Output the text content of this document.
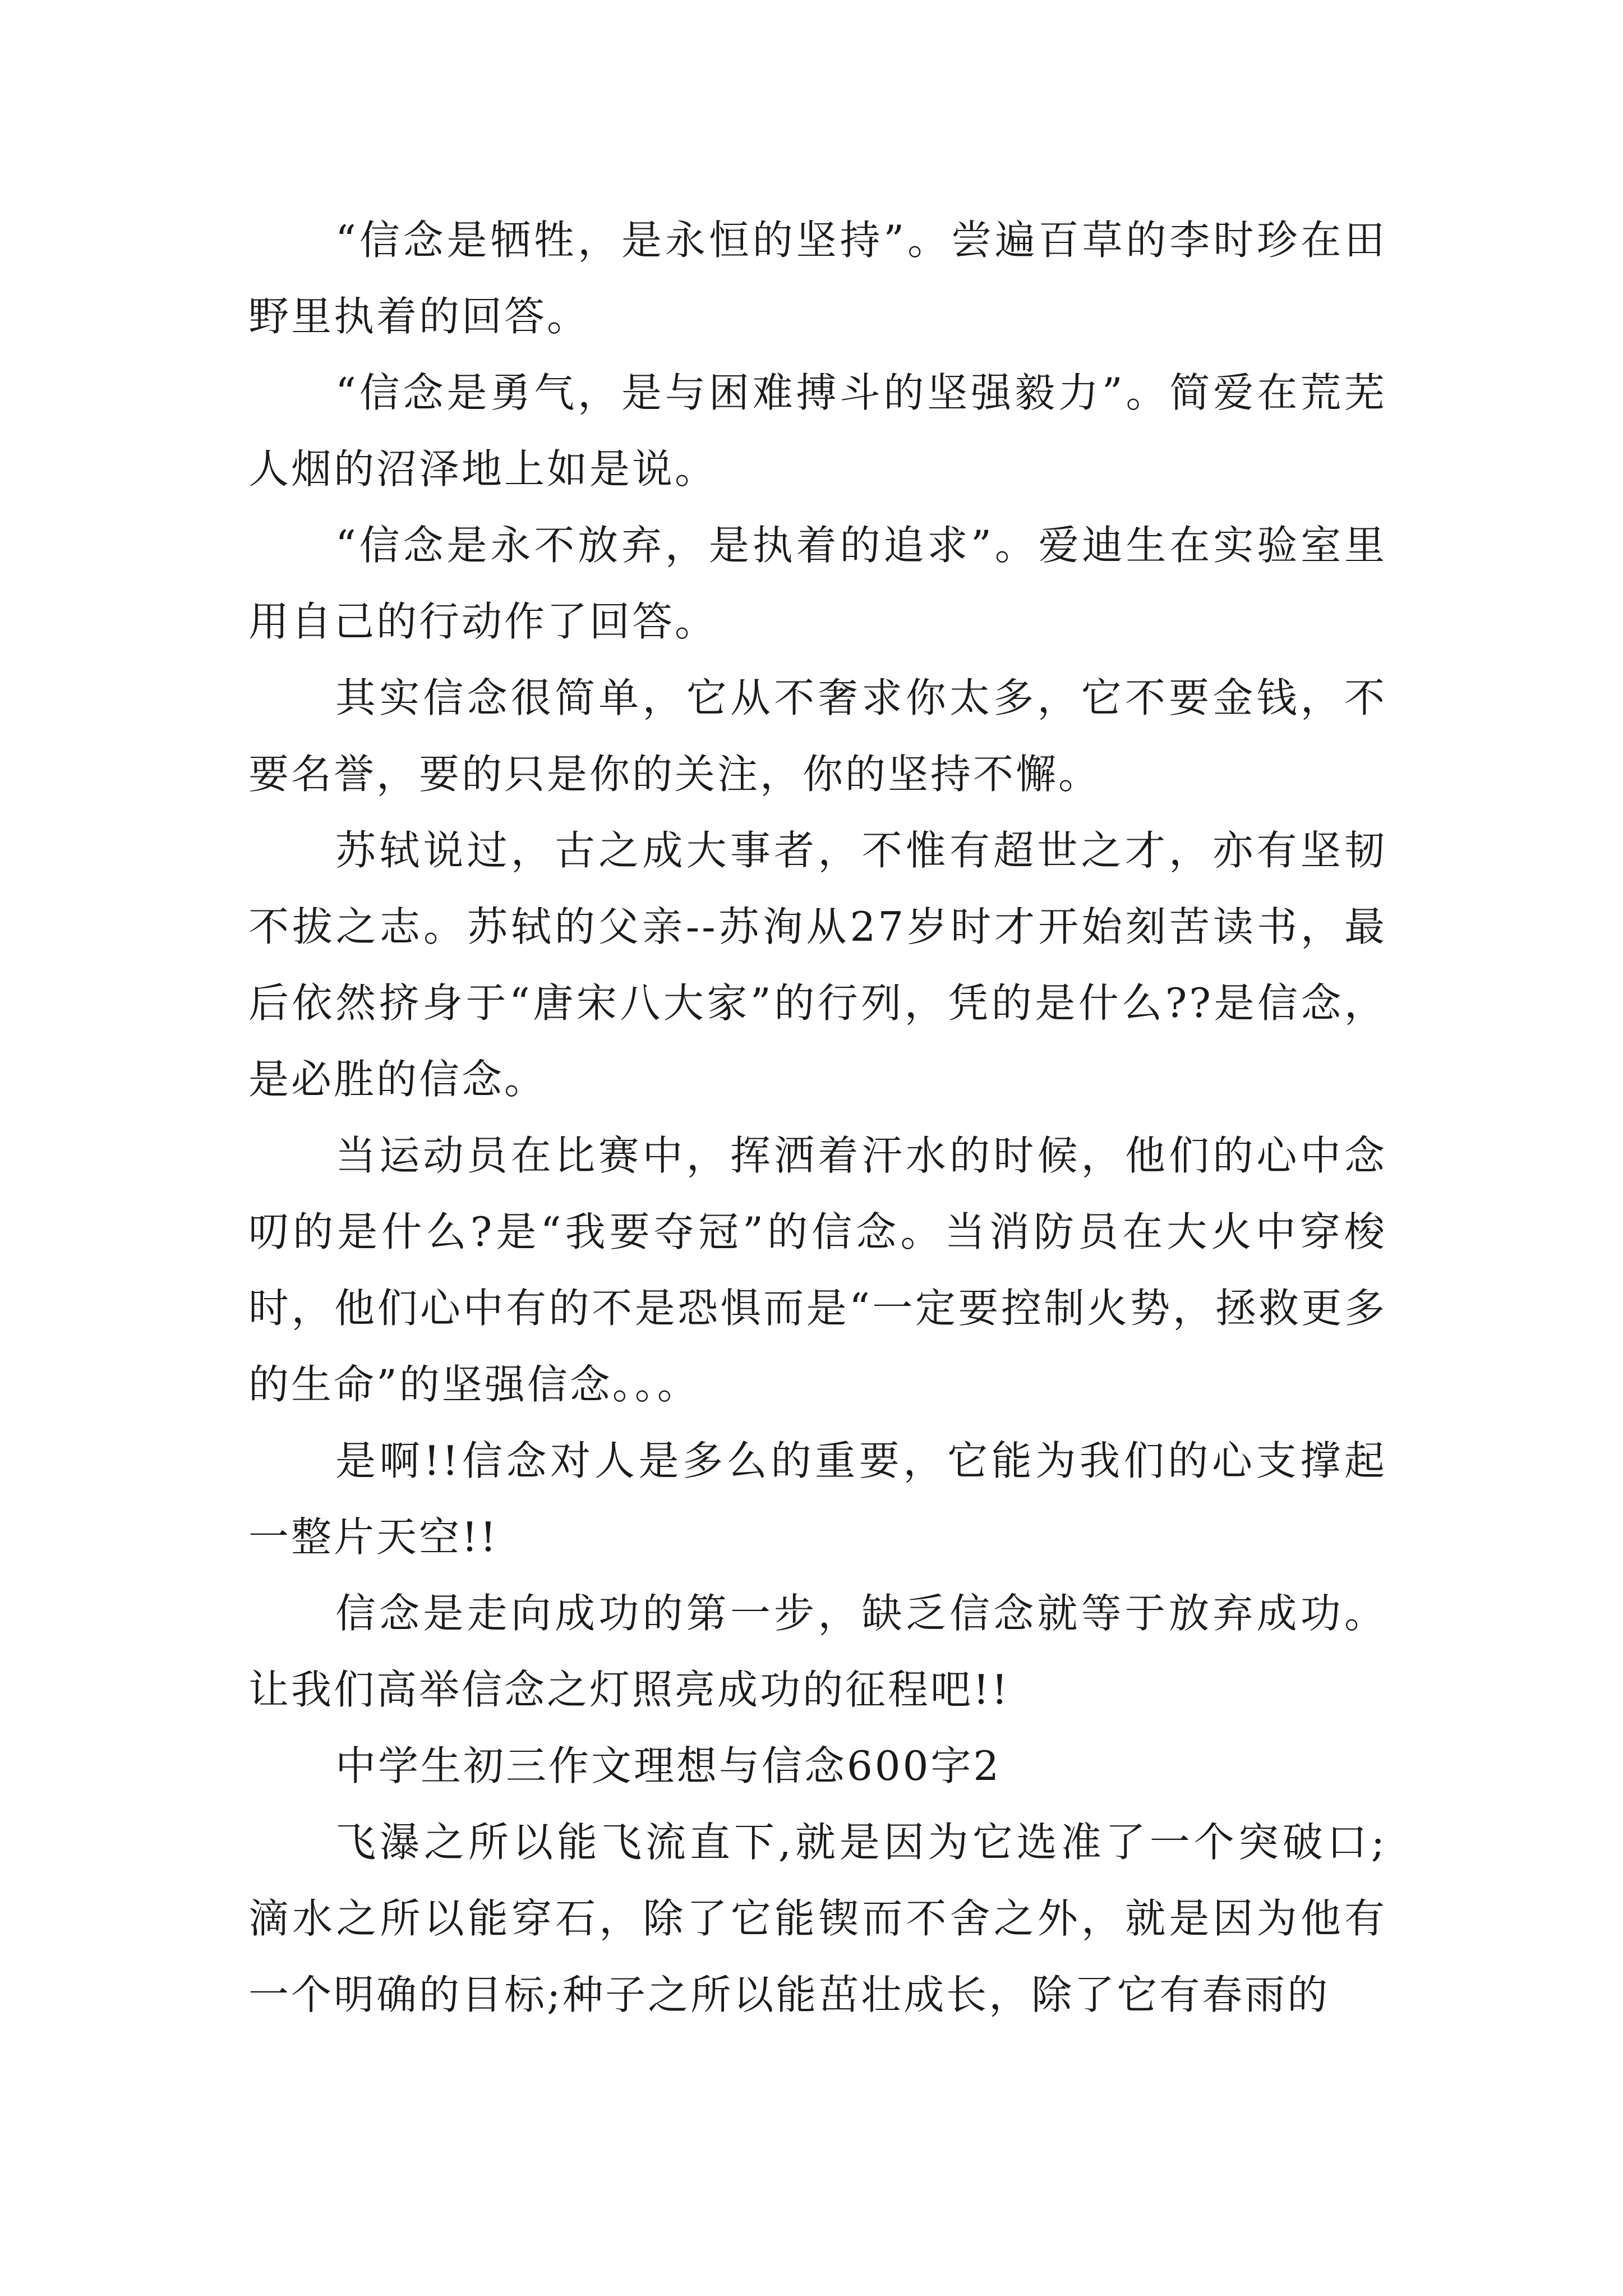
“信念是牺牲，是永恒的坚持”。尝遍百草的李时珍在田野里执着的回答。

“信念是勇气，是与困难搏斗的坚强毅力”。简爱在荒芜人烟的沼泽地上如是说。

“信念是永不放弃，是执着的追求”。爱迪生在实验室里用自己的行动作了回答。

其实信念很简单，它从不奢求你太多，它不要金钱，不要名誉，要的只是你的关注，你的坚持不懈。

苏轼说过，古之成大事者，不惟有超世之才，亦有坚韧不拔之志。苏轼的父亲--苏洵从27岁时才开始刻苦读书，最后依然挤身于“唐宋八大家”的行列，凭的是什么??是信念，是必胜的信念。

当运动员在比赛中，挥洒着汗水的时候，他们的心中念叨的是什么?是“我要夺冠”的信念。当消防员在大火中穿梭时，他们心中有的不是恐惧而是“一定要控制火势，拯救更多的生命”的坚强信念。。。

是啊!!信念对人是多么的重要，它能为我们的心支撑起一整片天空!!

信念是走向成功的第一步，缺乏信念就等于放弃成功。让我们高举信念之灯照亮成功的征程吧!!

中学生初三作文理想与信念600字2

飞瀑之所以能飞流直下,就是因为它选准了一个突破口;滴水之所以能穿石，除了它能锲而不舍之外，就是因为他有一个明确的目标;种子之所以能茁壮成长，除了它有春雨的
